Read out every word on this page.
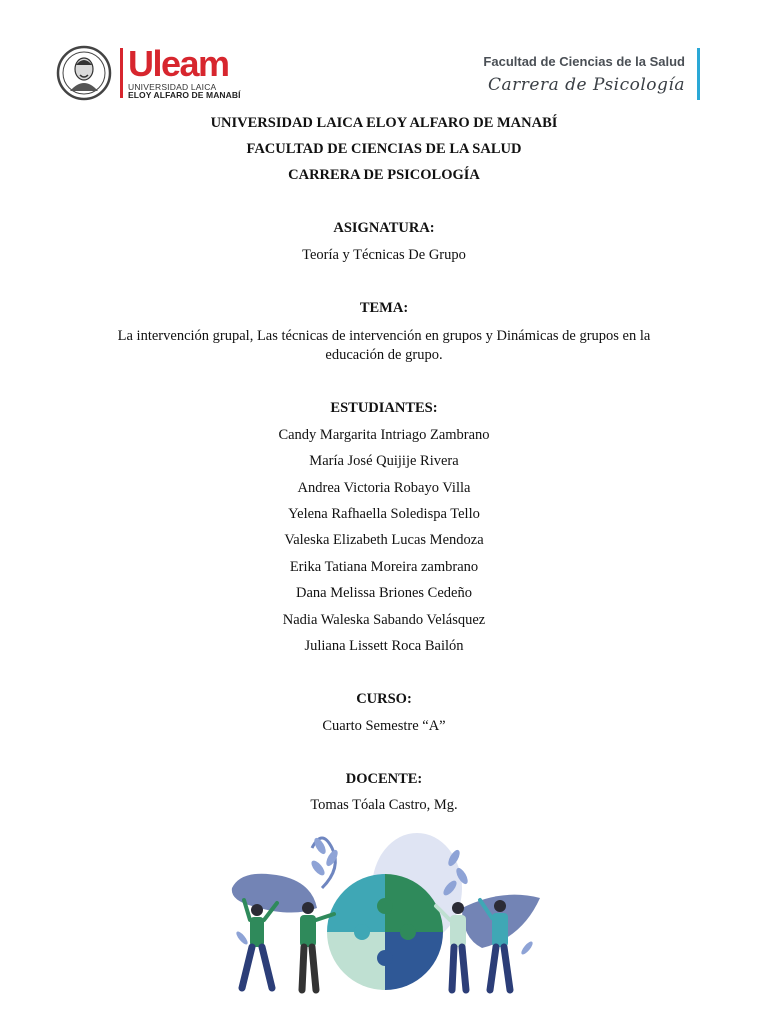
Uleam
UNIVERSIDAD LAICA
ELOY ALFARO DE MANABÍ
Facultad de Ciencias de la Salud
Carrera de Psicología
UNIVERSIDAD LAICA ELOY ALFARO DE MANABÍ
FACULTAD DE CIENCIAS DE LA SALUD
CARRERA DE PSICOLOGÍA
ASIGNATURA:
Teoría y Técnicas De Grupo
TEMA:
La intervención grupal, Las técnicas de intervención en grupos y Dinámicas de grupos en la
educación de grupo.
ESTUDIANTES:
Candy Margarita Intriago Zambrano
María José Quijije Rivera
Andrea Victoria Robayo Villa
Yelena Rafhaella Soledispa Tello
Valeska Elizabeth Lucas Mendoza
Erika Tatiana Moreira zambrano
Dana Melissa Briones Cedeño
Nadia Waleska Sabando Velásquez
Juliana Lissett Roca Bailón
CURSO:
Cuarto Semestre “A”
DOCENTE:
Tomas Tóala Castro, Mg.
